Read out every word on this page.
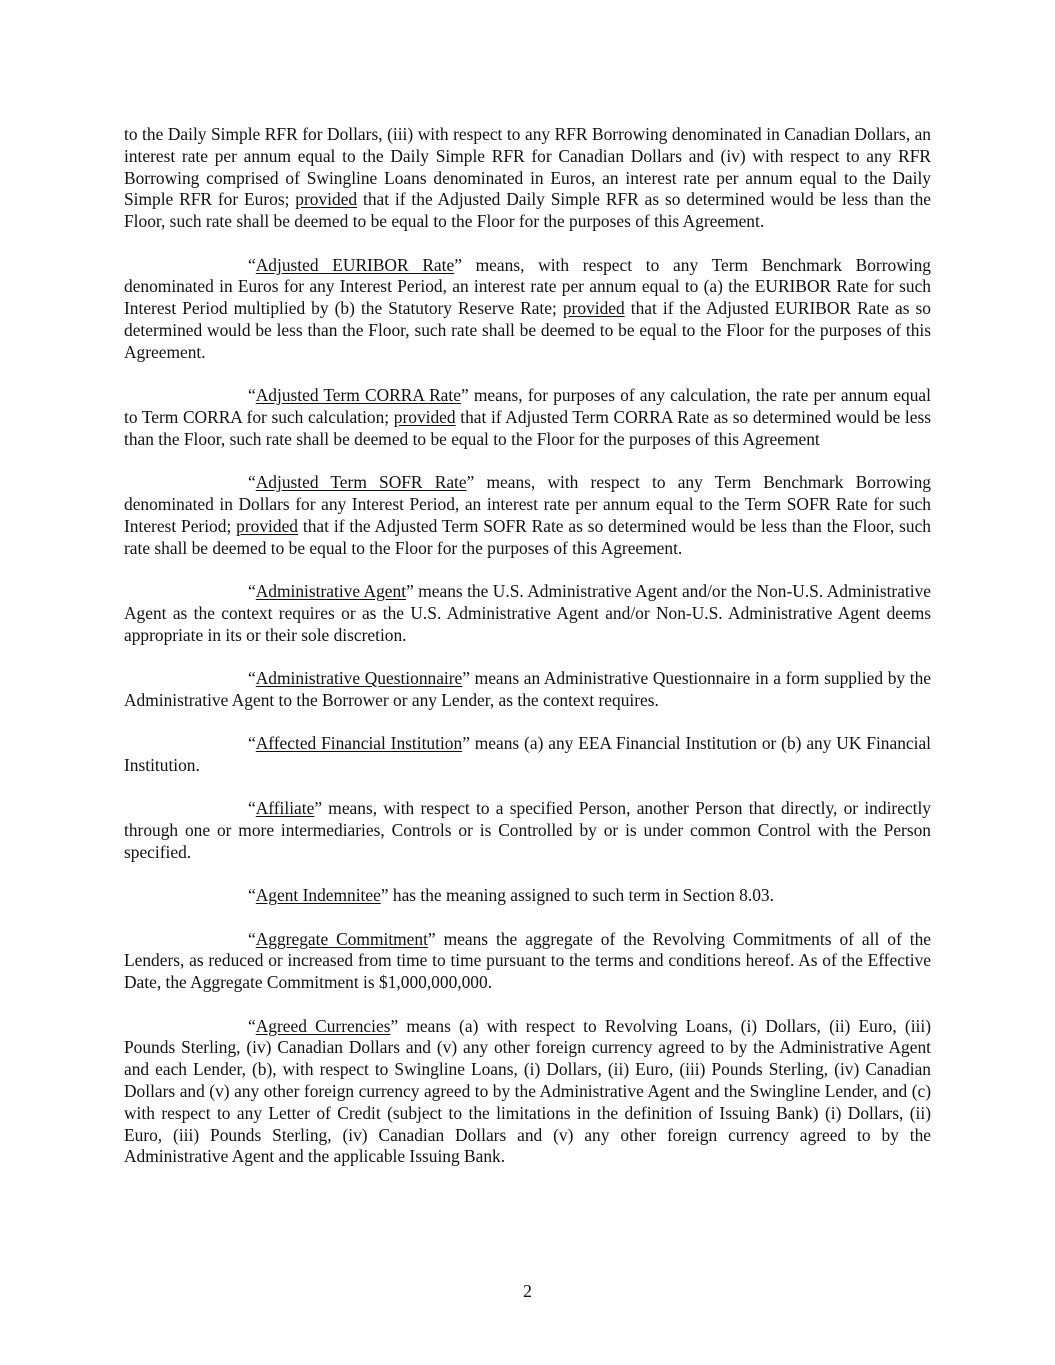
to the Daily Simple RFR for Dollars, (iii) with respect to any RFR Borrowing denominated in Canadian Dollars, an interest rate per annum equal to the Daily Simple RFR for Canadian Dollars and (iv) with respect to any RFR Borrowing comprised of Swingline Loans denominated in Euros, an interest rate per annum equal to the Daily Simple RFR for Euros; provided that if the Adjusted Daily Simple RFR as so determined would be less than the Floor, such rate shall be deemed to be equal to the Floor for the purposes of this Agreement.

“Adjusted EURIBOR Rate” means, with respect to any Term Benchmark Borrowing denominated in Euros for any Interest Period, an interest rate per annum equal to (a) the EURIBOR Rate for such Interest Period multiplied by (b) the Statutory Reserve Rate; provided that if the Adjusted EURIBOR Rate as so determined would be less than the Floor, such rate shall be deemed to be equal to the Floor for the purposes of this Agreement.

“Adjusted Term CORRA Rate” means, for purposes of any calculation, the rate per annum equal to Term CORRA for such calculation; provided that if Adjusted Term CORRA Rate as so determined would be less than the Floor, such rate shall be deemed to be equal to the Floor for the purposes of this Agreement

“Adjusted Term SOFR Rate” means, with respect to any Term Benchmark Borrowing denominated in Dollars for any Interest Period, an interest rate per annum equal to the Term SOFR Rate for such Interest Period; provided that if the Adjusted Term SOFR Rate as so determined would be less than the Floor, such rate shall be deemed to be equal to the Floor for the purposes of this Agreement.

“Administrative Agent” means the U.S. Administrative Agent and/or the Non-U.S. Administrative Agent as the context requires or as the U.S. Administrative Agent and/or Non-U.S. Administrative Agent deems appropriate in its or their sole discretion.

“Administrative Questionnaire” means an Administrative Questionnaire in a form supplied by the Administrative Agent to the Borrower or any Lender, as the context requires.

“Affected Financial Institution” means (a) any EEA Financial Institution or (b) any UK Financial Institution.

“Affiliate” means, with respect to a specified Person, another Person that directly, or indirectly through one or more intermediaries, Controls or is Controlled by or is under common Control with the Person specified.

“Agent Indemnitee” has the meaning assigned to such term in Section 8.03.

“Aggregate Commitment” means the aggregate of the Revolving Commitments of all of the Lenders, as reduced or increased from time to time pursuant to the terms and conditions hereof. As of the Effective Date, the Aggregate Commitment is $1,000,000,000.

“Agreed Currencies” means (a) with respect to Revolving Loans, (i) Dollars, (ii) Euro, (iii) Pounds Sterling, (iv) Canadian Dollars and (v) any other foreign currency agreed to by the Administrative Agent and each Lender, (b), with respect to Swingline Loans, (i) Dollars, (ii) Euro, (iii) Pounds Sterling, (iv) Canadian Dollars and (v) any other foreign currency agreed to by the Administrative Agent and the Swingline Lender, and (c) with respect to any Letter of Credit (subject to the limitations in the definition of Issuing Bank) (i) Dollars, (ii) Euro, (iii) Pounds Sterling, (iv) Canadian Dollars and (v) any other foreign currency agreed to by the Administrative Agent and the applicable Issuing Bank.

2
